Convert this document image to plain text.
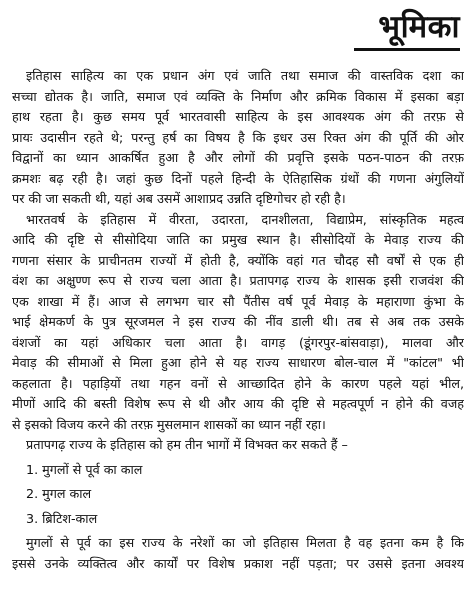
भूमिका
इतिहास साहित्य का एक प्रधान अंग एवं जाति तथा समाज की वास्तविक दशा का
सच्चा द्योतक है। जाति, समाज एवं व्यक्ति के निर्माण और क्रमिक विकास में इसका बड़ा
हाथ रहता है। कुछ समय पूर्व भारतवासी साहित्य के इस आवश्यक अंग की तरफ़ से
प्रायः उदासीन रहते थे; परन्तु हर्ष का विषय है कि इधर उस रिक्त अंग की पूर्ति की ओर
विद्वानों का ध्यान आकर्षित हुआ है और लोगों की प्रवृत्ति इसके पठन-पाठन की तरफ़
क्रमशः बढ़ रही है। जहां कुछ दिनों पहले हिन्दी के ऐतिहासिक ग्रंथों की गणना अंगुलियों
पर की जा सकती थी, यहां अब उसमें आशाप्रद उन्नति दृष्टिगोचर हो रही है।
भारतवर्ष के इतिहास में वीरता, उदारता, दानशीलता, विद्याप्रेम, सांस्कृतिक महत्व
आदि की दृष्टि से सीसोदिया जाति का प्रमुख स्थान है। सीसोदियों के मेवाड़ राज्य की
गणना संसार के प्राचीनतम राज्यों में होती है, क्योंकि वहां गत चौदह सौ वर्षों से एक ही
वंश का अक्षुण्ण रूप से राज्य चला आता है। प्रतापगढ़ राज्य के शासक इसी राजवंश की
एक शाखा में हैं। आज से लगभग चार सौ पैंतीस वर्ष पूर्व मेवाड़ के महाराणा कुंभा के
भाई क्षेमकर्ण के पुत्र सूरजमल ने इस राज्य की नींव डाली थी। तब से अब तक उसके
वंशजों का यहां अधिकार चला आता है। वागड़ (डूंगरपुर-बांसवाड़ा), मालवा और
मेवाड़ की सीमाओं से मिला हुआ होने से यह राज्य साधारण बोल-चाल में "कांटल" भी
कहलाता है। पहाड़ियों तथा गहन वनों से आच्छादित होने के कारण पहले यहां भील,
मीणों आदि की बस्ती विशेष रूप से थी और आय की दृष्टि से महत्वपूर्ण न होने की वजह
से इसको विजय करने की तरफ़ मुसलमान शासकों का ध्यान नहीं रहा।
प्रतापगढ़ राज्य के इतिहास को हम तीन भागों में विभक्त कर सकते हैं –
1. मुगलों से पूर्व का काल
2. मुगल काल
3. ब्रिटिश-काल
मुगलों से पूर्व का इस राज्य के नरेशों का जो इतिहास मिलता है वह इतना कम है कि
इससे उनके व्यक्तित्व और कार्यों पर विशेष प्रकाश नहीं पड़ता; पर उससे इतना अवश्य
